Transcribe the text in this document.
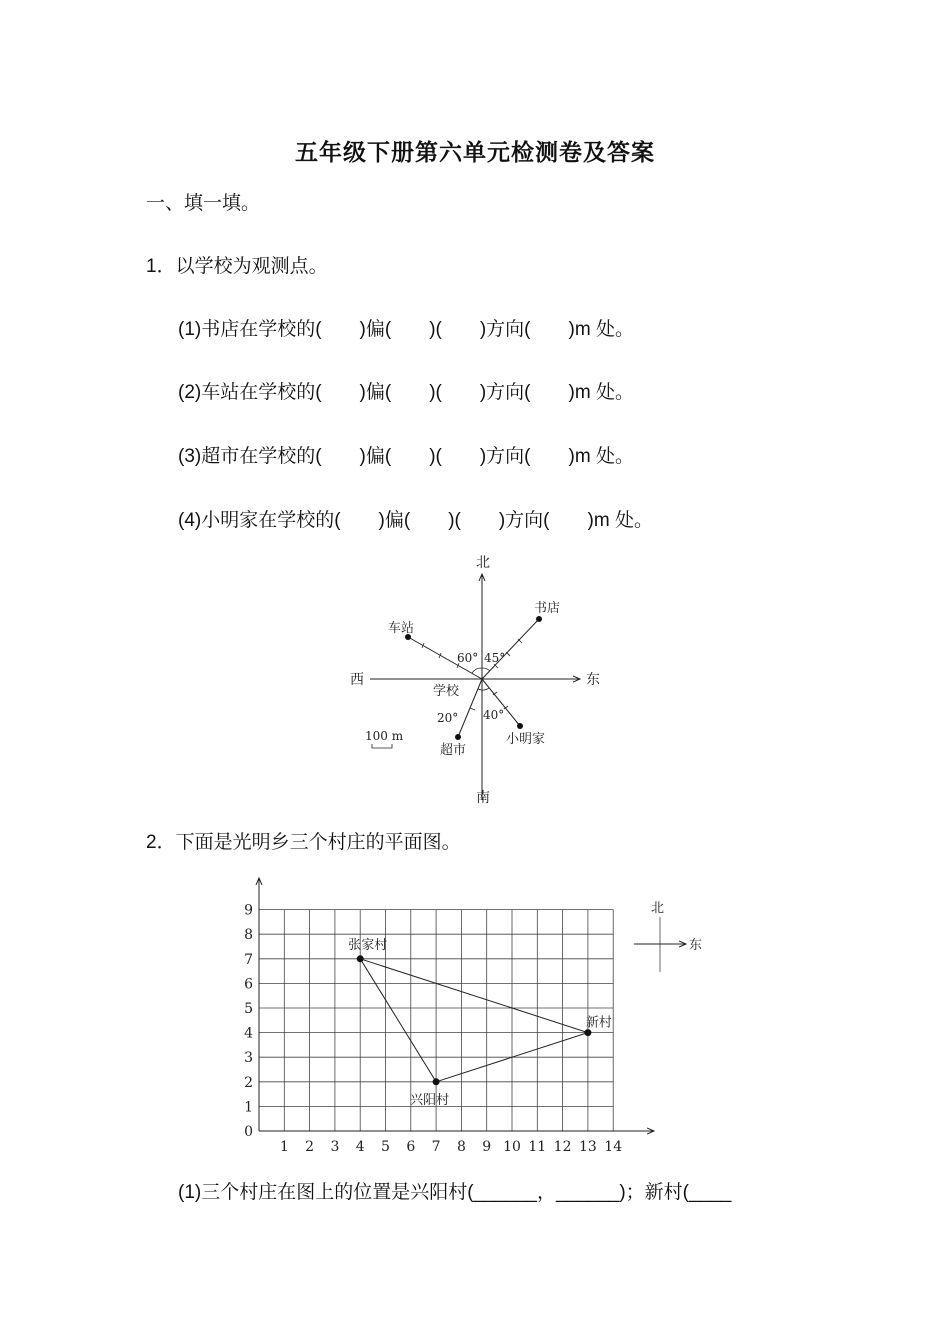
五年级下册第六单元检测卷及答案
一、填一填。
1．以学校为观测点。
(1)书店在学校的(　　)偏(　　)(　　)方向(　　)m 处。
(2)车站在学校的(　　)偏(　　)(　　)方向(　　)m 处。
(3)超市在学校的(　　)偏(　　)(　　)方向(　　)m 处。
(4)小明家在学校的(　　)偏(　　)(　　)方向(　　)m 处。
北
南
西	东
书店
车站
超市
小明家
学校
60° 45°
20° 40°
100 m
2．下面是光明乡三个村庄的平面图。
1 2 3 4 5 6 7 8 9 10 11 12 13 14
0
1
2
3
4
5
6
7
8
9
张家村
新村
兴阳村
北
东
(1)三个村庄在图上的位置是兴阳村(______，______)；新村(____
